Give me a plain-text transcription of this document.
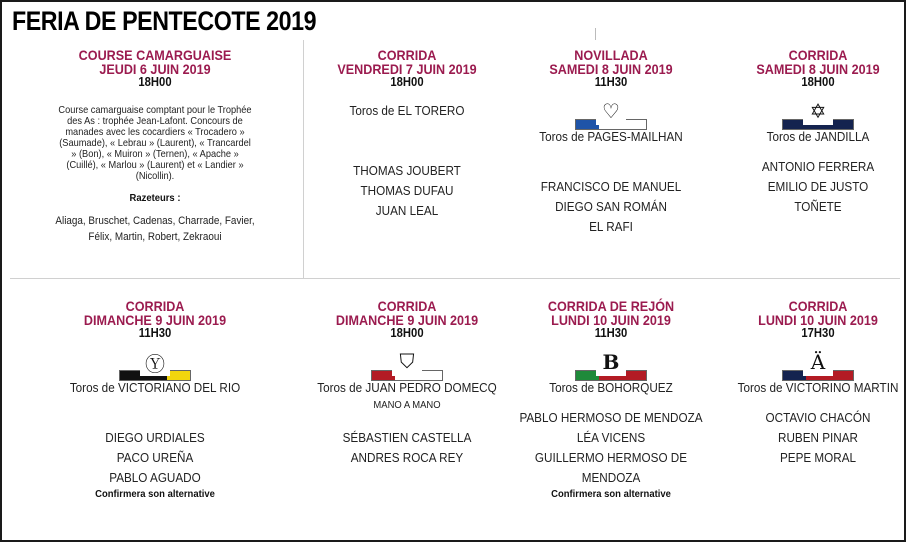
FERIA DE PENTECOTE 2019
COURSE CAMARGUAISE
JEUDI 6 JUIN 2019
18H00
Course camarguaise comptant pour le Trophée des As : trophée Jean-Lafont. Concours de manades avec les cocardiers « Trocadero » (Saumade), « Lebrau » (Laurent), « Trancardel » (Bon), « Muiron » (Ternen), « Apache » (Cuillé), « Marlou » (Laurent) et « Landier » (Nicollin).
Razeteurs :
Aliaga, Bruschet, Cadenas, Charrade, Favier, Félix, Martin, Robert, Zekraoui
CORRIDA
VENDREDI 7 JUIN 2019
18H00
Toros de EL TORERO
THOMAS JOUBERT
THOMAS DUFAU
JUAN LEAL
NOVILLADA
SAMEDI 8 JUIN 2019
11H30
♡
Toros de PAGES-MAILHAN
FRANCISCO DE MANUEL
DIEGO SAN ROMÁN
EL RAFI
CORRIDA
SAMEDI 8 JUIN 2019
18H00
✡
Toros de JANDILLA
ANTONIO FERRERA
EMILIO DE JUSTO
TOÑETE
CORRIDA
DIMANCHE 9 JUIN 2019
11H30
Ⓨ
Toros de VICTORIANO DEL RIO
DIEGO URDIALES
PACO UREÑA
PABLO AGUADO
Confirmera son alternative
CORRIDA
DIMANCHE 9 JUIN 2019
18H00
⛉
Toros de JUAN PEDRO DOMECQ
MANO A MANO
SÉBASTIEN CASTELLA
ANDRES ROCA REY
CORRIDA DE REJÓN
LUNDI 10 JUIN 2019
11H30
B
Toros de BOHORQUEZ
PABLO HERMOSO DE MENDOZA
LÉA VICENS
GUILLERMO HERMOSO DE MENDOZA
Confirmera son alternative
CORRIDA
LUNDI 10 JUIN 2019
17H30
Ä
Toros de VICTORINO MARTIN
OCTAVIO CHACÓN
RUBEN PINAR
PEPE MORAL
